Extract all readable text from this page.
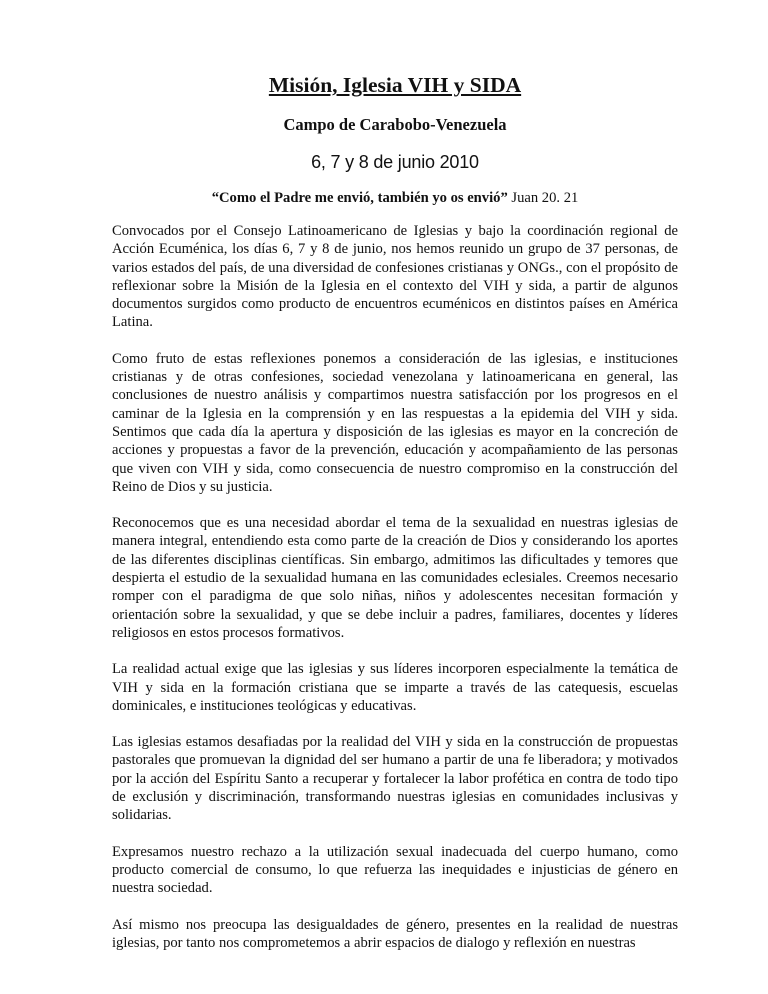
Misión, Iglesia VIH y SIDA
Campo de Carabobo-Venezuela
6, 7 y 8 de junio 2010
“Como el Padre me envió, también yo os envió” Juan 20. 21

Convocados por el Consejo Latinoamericano de Iglesias y bajo la coordinación regional de Acción Ecuménica, los días 6, 7 y 8 de junio, nos hemos reunido un grupo de 37 personas, de varios estados del país, de una diversidad de confesiones cristianas y ONGs., con el propósito de reflexionar sobre la Misión de la Iglesia en el contexto del VIH y sida, a partir de algunos documentos surgidos como producto de encuentros ecuménicos en distintos países en América Latina.

Como fruto de estas reflexiones ponemos a consideración de las iglesias, e instituciones cristianas y de otras confesiones, sociedad venezolana y latinoamericana en general, las conclusiones de nuestro análisis y compartimos nuestra satisfacción por los progresos en el caminar de la Iglesia en la comprensión y en las respuestas a la epidemia del VIH y sida. Sentimos que cada día la apertura y disposición de las iglesias es mayor en la concreción de acciones y propuestas a favor de la prevención, educación y acompañamiento de las personas que viven con VIH y sida, como consecuencia de nuestro compromiso en la construcción del Reino de Dios y su justicia.

Reconocemos que es una necesidad abordar el tema de la sexualidad en nuestras iglesias de manera integral, entendiendo esta como parte de la creación de Dios y considerando los aportes de las diferentes disciplinas científicas. Sin embargo, admitimos las dificultades y temores que despierta el estudio de la sexualidad humana en las comunidades eclesiales. Creemos necesario romper con el paradigma de que solo niñas, niños y adolescentes necesitan formación y orientación sobre la sexualidad, y que se debe incluir a padres, familiares, docentes y líderes religiosos en estos procesos formativos.

La realidad actual exige que las iglesias y sus líderes incorporen especialmente la temática de VIH y sida en la formación cristiana que se imparte a través de las catequesis, escuelas dominicales, e instituciones teológicas y educativas.

Las iglesias estamos desafiadas por la realidad del VIH y sida en la construcción de propuestas pastorales que promuevan la dignidad del ser humano a partir de una fe liberadora; y motivados por la acción del Espíritu Santo a recuperar y fortalecer la labor profética en contra de todo tipo de exclusión y discriminación, transformando nuestras iglesias en comunidades inclusivas y solidarias.

Expresamos nuestro rechazo a la utilización sexual inadecuada del cuerpo humano, como producto comercial de consumo, lo que refuerza las inequidades e injusticias de género en nuestra sociedad.

Así mismo nos preocupa las desigualdades de género, presentes en la realidad de nuestras iglesias, por tanto nos comprometemos a abrir espacios de dialogo y reflexión en nuestras
